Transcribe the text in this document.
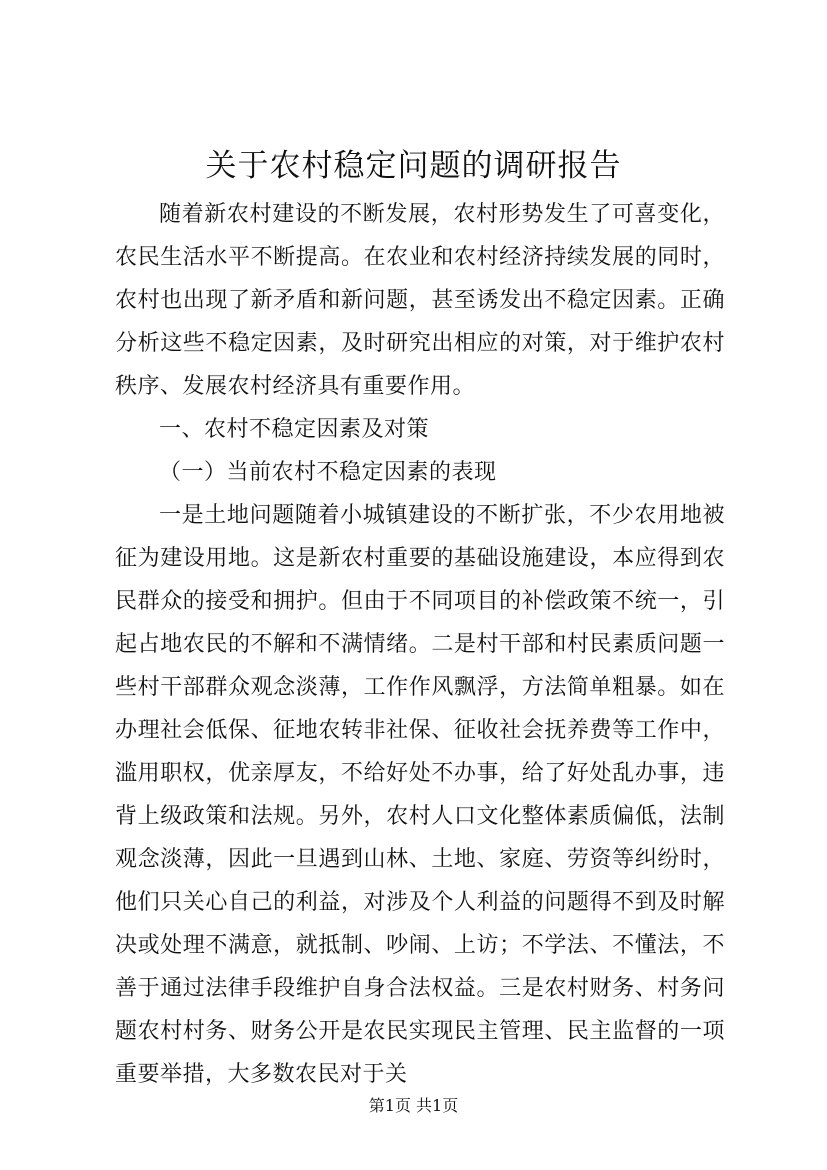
关于农村稳定问题的调研报告

随着新农村建设的不断发展，农村形势发生了可喜变化，农民生活水平不断提高。在农业和农村经济持续发展的同时，农村也出现了新矛盾和新问题，甚至诱发出不稳定因素。正确分析这些不稳定因素，及时研究出相应的对策，对于维护农村秩序、发展农村经济具有重要作用。

一、农村不稳定因素及对策

（一）当前农村不稳定因素的表现

一是土地问题随着小城镇建设的不断扩张，不少农用地被征为建设用地。这是新农村重要的基础设施建设，本应得到农民群众的接受和拥护。但由于不同项目的补偿政策不统一，引起占地农民的不解和不满情绪。二是村干部和村民素质问题一些村干部群众观念淡薄，工作作风飘浮，方法简单粗暴。如在办理社会低保、征地农转非社保、征收社会抚养费等工作中，滥用职权，优亲厚友，不给好处不办事，给了好处乱办事，违背上级政策和法规。另外，农村人口文化整体素质偏低，法制观念淡薄，因此一旦遇到山林、土地、家庭、劳资等纠纷时，他们只关心自己的利益，对涉及个人利益的问题得不到及时解决或处理不满意，就抵制、吵闹、上访；不学法、不懂法，不善于通过法律手段维护自身合法权益。三是农村财务、村务问题农村村务、财务公开是农民实现民主管理、民主监督的一项重要举措，大多数农民对于关

第1页 共1页
